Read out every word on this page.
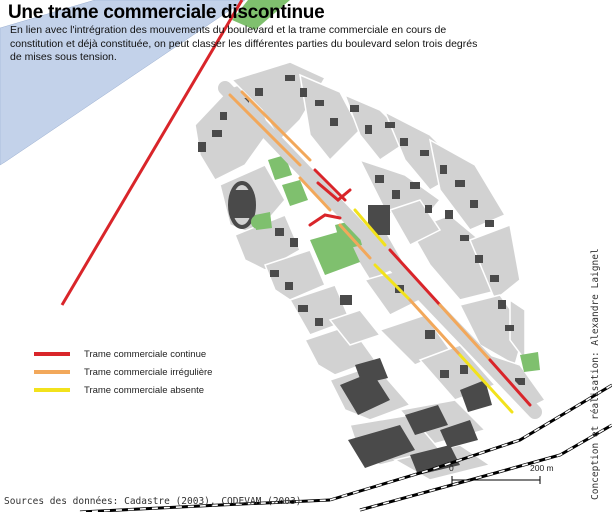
Une trame commerciale discontinue
En lien avec l'intrégration des mouvements du boulevard et la trame commerciale en cours de constitution et déjà constituée, on peut classer les différentes parties du boulevard selon trois degrés de mises sous tension.
Trame commerciale continue
Trame commerciale irrégulière
Trame commerciale absente
0	200 m	Conception et réalisation: Alexandre Laignel
Sources des données: Cadastre (2003), CODEVAM (2003)
